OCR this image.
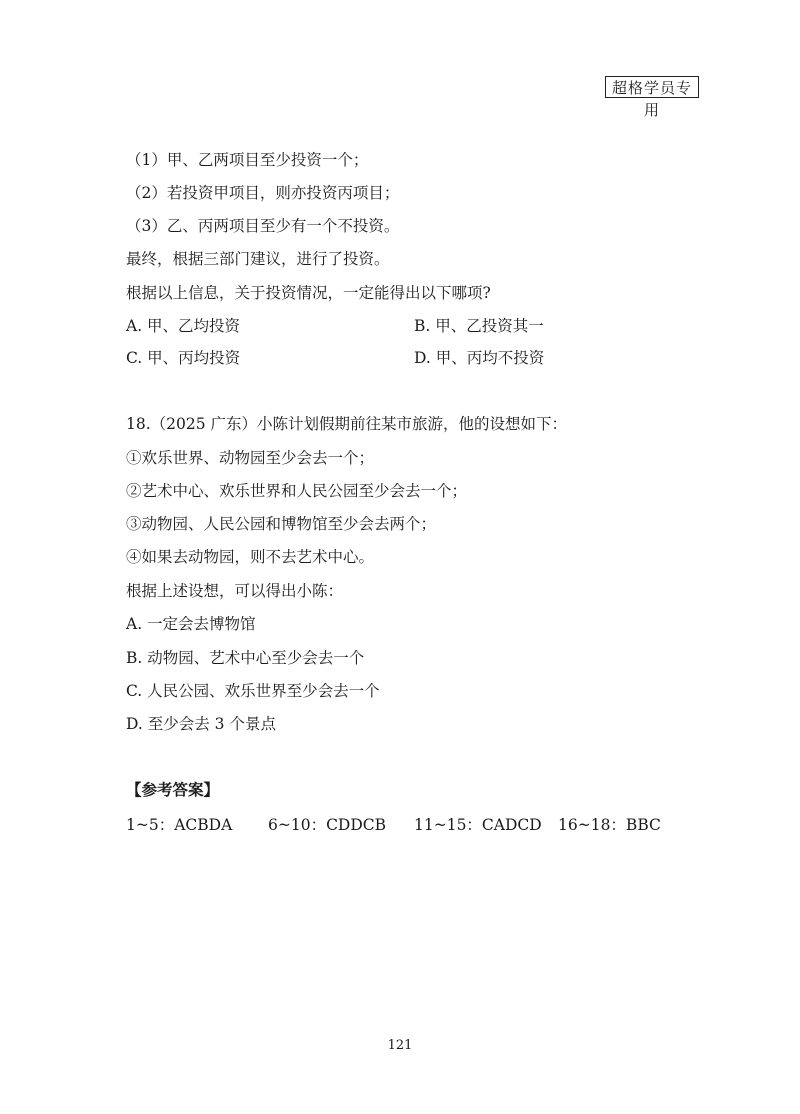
超格学员专用
（1）甲、乙两项目至少投资一个；
（2）若投资甲项目，则亦投资丙项目；
（3）乙、丙两项目至少有一个不投资。
最终，根据三部门建议，进行了投资。
根据以上信息，关于投资情况，一定能得出以下哪项?
A. 甲、乙均投资	B. 甲、乙投资其一
C. 甲、丙均投资	D. 甲、丙均不投资
18.（2025 广东）小陈计划假期前往某市旅游，他的设想如下：
①欢乐世界、动物园至少会去一个；
②艺术中心、欢乐世界和人民公园至少会去一个；
③动物园、人民公园和博物馆至少会去两个；
④如果去动物园，则不去艺术中心。
根据上述设想，可以得出小陈：
A. 一定会去博物馆
B. 动物园、艺术中心至少会去一个
C. 人民公园、欢乐世界至少会去一个
D. 至少会去 3 个景点
【参考答案】
1~5：ACBDA 6~10：CDDCB 11~15：CADCD 16~18：BBC
121
